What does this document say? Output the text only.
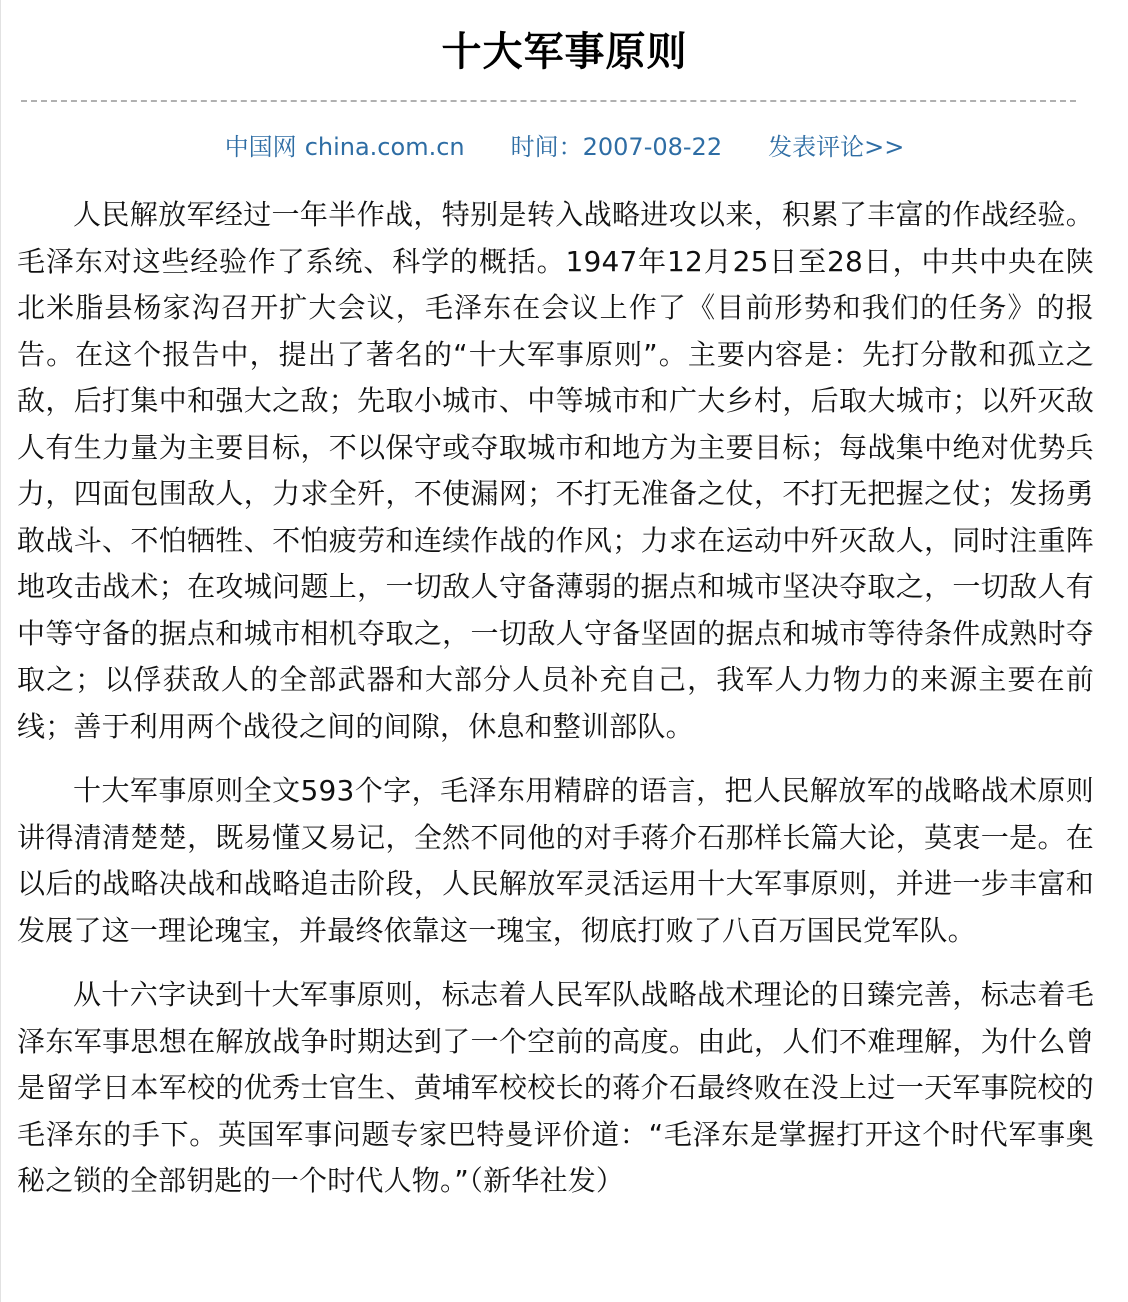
十大军事原则
中国网 china.com.cn 时间：2007-08-22 发表评论>>

人民解放军经过一年半作战，特别是转入战略进攻以来，积累了丰富的作战经验。毛泽东对这些经验作了系统、科学的概括。1947年12月25日至28日，中共中央在陕北米脂县杨家沟召开扩大会议，毛泽东在会议上作了《目前形势和我们的任务》的报告。在这个报告中，提出了著名的“十大军事原则”。主要内容是：先打分散和孤立之敌，后打集中和强大之敌；先取小城市、中等城市和广大乡村，后取大城市；以歼灭敌人有生力量为主要目标，不以保守或夺取城市和地方为主要目标；每战集中绝对优势兵力，四面包围敌人，力求全歼，不使漏网；不打无准备之仗，不打无把握之仗；发扬勇敢战斗、不怕牺牲、不怕疲劳和连续作战的作风；力求在运动中歼灭敌人，同时注重阵地攻击战术；在攻城问题上，一切敌人守备薄弱的据点和城市坚决夺取之，一切敌人有中等守备的据点和城市相机夺取之，一切敌人守备坚固的据点和城市等待条件成熟时夺取之；以俘获敌人的全部武器和大部分人员补充自己，我军人力物力的来源主要在前线；善于利用两个战役之间的间隙，休息和整训部队。

十大军事原则全文593个字，毛泽东用精辟的语言，把人民解放军的战略战术原则讲得清清楚楚，既易懂又易记，全然不同他的对手蒋介石那样长篇大论，莫衷一是。在以后的战略决战和战略追击阶段，人民解放军灵活运用十大军事原则，并进一步丰富和发展了这一理论瑰宝，并最终依靠这一瑰宝，彻底打败了八百万国民党军队。

从十六字诀到十大军事原则，标志着人民军队战略战术理论的日臻完善，标志着毛泽东军事思想在解放战争时期达到了一个空前的高度。由此，人们不难理解，为什么曾是留学日本军校的优秀士官生、黄埔军校校长的蒋介石最终败在没上过一天军事院校的毛泽东的手下。英国军事问题专家巴特曼评价道：“毛泽东是掌握打开这个时代军事奥秘之锁的全部钥匙的一个时代人物。”（新华社发）
